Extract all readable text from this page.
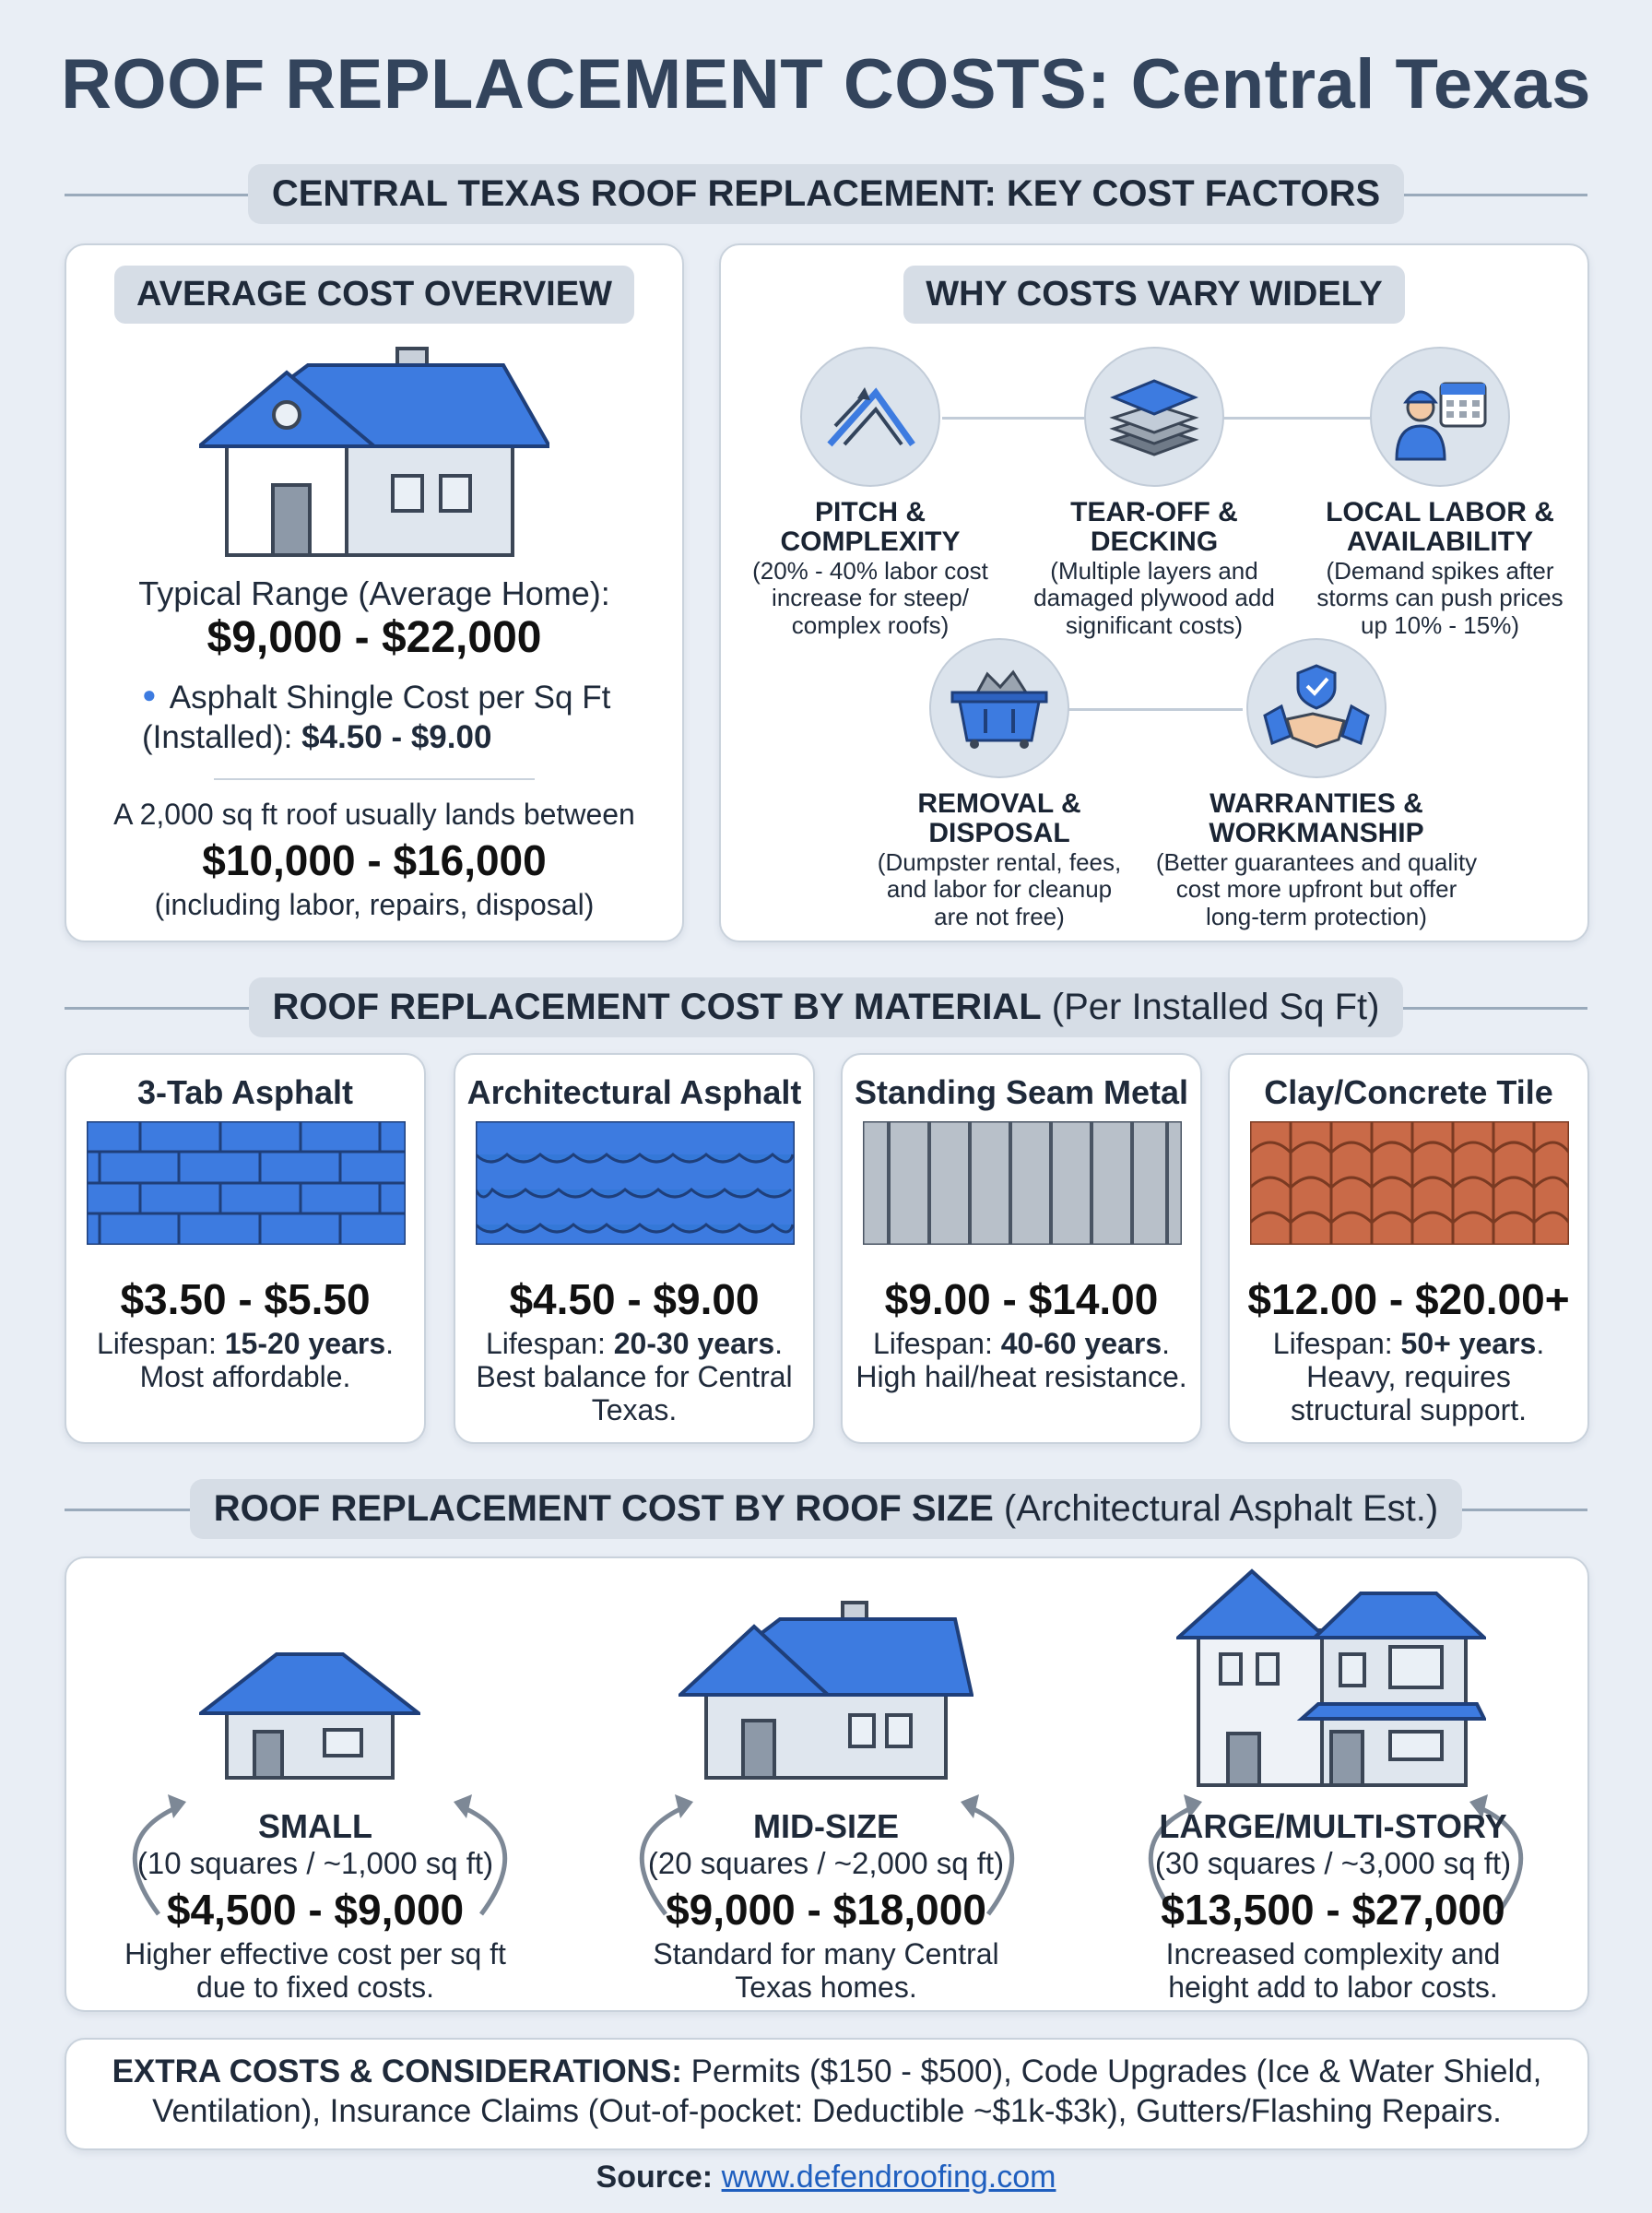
ROOF REPLACEMENT COSTS: Central Texas
CENTRAL TEXAS ROOF REPLACEMENT: KEY COST FACTORS
AVERAGE COST OVERVIEW
Typical Range (Average Home):
$9,000 - $22,000
● Asphalt Shingle Cost per Sq Ft
(Installed): $4.50 - $9.00
A 2,000 sq ft roof usually lands between
$10,000 - $16,000
(including labor, repairs, disposal)
WHY COSTS VARY WIDELY
PITCH &
COMPLEXITY
(20% - 40% labor cost
increase for steep/
complex roofs)
TEAR-OFF &
DECKING
(Multiple layers and
damaged plywood add
significant costs)
LOCAL LABOR &
AVAILABILITY
(Demand spikes after
storms can push prices
up 10% - 15%)
REMOVAL &
DISPOSAL
(Dumpster rental, fees,
and labor for cleanup
are not free)
WARRANTIES &
WORKMANSHIP
(Better guarantees and quality
cost more upfront but offer
long-term protection)
ROOF REPLACEMENT COST BY MATERIAL (Per Installed Sq Ft)
3-Tab Asphalt
$3.50 - $5.50
Lifespan: 15-20 years.
Most affordable.
Architectural Asphalt
$4.50 - $9.00
Lifespan: 20-30 years.
Best balance for Central
Texas.
Standing Seam Metal
$9.00 - $14.00
Lifespan: 40-60 years.
High hail/heat resistance.
Clay/Concrete Tile
$12.00 - $20.00+
Lifespan: 50+ years.
Heavy, requires
structural support.
ROOF REPLACEMENT COST BY ROOF SIZE (Architectural Asphalt Est.)
SMALL
(10 squares / ~1,000 sq ft)
$4,500 - $9,000
Higher effective cost per sq ft
due to fixed costs.
MID-SIZE
(20 squares / ~2,000 sq ft)
$9,000 - $18,000
Standard for many Central
Texas homes.
LARGE/MULTI-STORY
(30 squares / ~3,000 sq ft)
$13,500 - $27,000
Increased complexity and
height add to labor costs.
EXTRA COSTS & CONSIDERATIONS: Permits ($150 - $500), Code Upgrades (Ice & Water Shield,
Ventilation), Insurance Claims (Out-of-pocket: Deductible ~$1k-$3k), Gutters/Flashing Repairs.
Source: www.defendroofing.com
